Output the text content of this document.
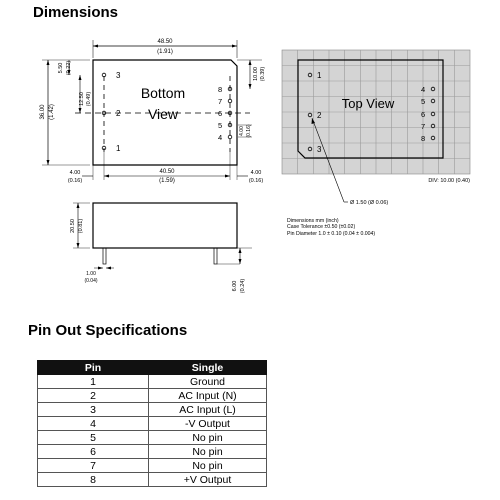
Dimensions
48.50
(1.91)
36.00 (1.42)
5.50 (0.22)
12.50 (0.49)
3
2
1
Bottom
View
8
7
6
5
4
10.00 (0.39)
4.00 (0.16)
40.50
(1.59)
4.00
(0.16)
4.00
(0.16)
20.50 (0.81)
1.00
(0.04)	6.00 (0.24)
1
2
3
Top View
4
5
6
7
8
Ø 1.50 (Ø 0.06)
DIV: 10.00 (0.40)
Dimensions mm (inch)
Case Tolerance ±0.50 (±0.02)
Pin Diameter 1.0 ± 0.10 (0.04 ± 0.004)
Pin Out Specifications
Pin	Single
1	Ground
2	AC Input (N)
3	AC Input (L)
4	-V Output
5	No pin
6	No pin
7	No pin
8	+V Output
